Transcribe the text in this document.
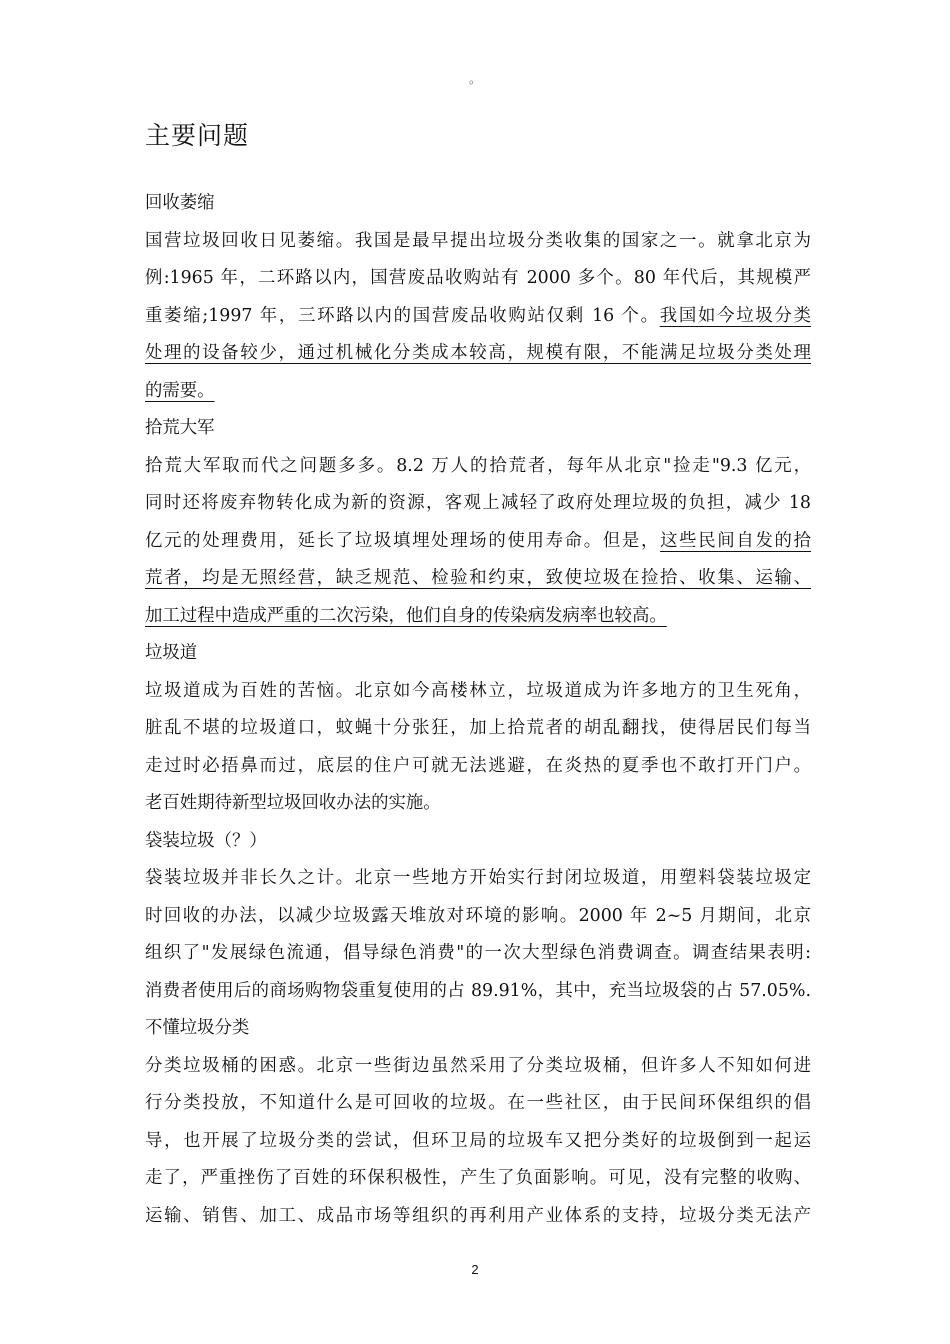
。
主要问题
回收萎缩
国营垃圾回收日见萎缩。我国是最早提出垃圾分类收集的国家之一。就拿北京为
例:1965 年，二环路以内，国营废品收购站有 2000 多个。80 年代后，其规模严
重萎缩;1997 年，三环路以内的国营废品收购站仅剩 16 个。我国如今垃圾分类
处理的设备较少，通过机械化分类成本较高，规模有限，不能满足垃圾分类处理
的需要。
拾荒大军
拾荒大军取而代之问题多多。8.2 万人的拾荒者，每年从北京"捡走"9.3 亿元，
同时还将废弃物转化成为新的资源，客观上减轻了政府处理垃圾的负担，减少 18
亿元的处理费用，延长了垃圾填埋处理场的使用寿命。但是，这些民间自发的拾
荒者，均是无照经营，缺乏规范、检验和约束，致使垃圾在捡拾、收集、运输、
加工过程中造成严重的二次污染，他们自身的传染病发病率也较高。
垃圾道
垃圾道成为百姓的苦恼。北京如今高楼林立，垃圾道成为许多地方的卫生死角，
脏乱不堪的垃圾道口，蚊蝇十分张狂，加上拾荒者的胡乱翻找，使得居民们每当
走过时必捂鼻而过，底层的住户可就无法逃避，在炎热的夏季也不敢打开门户。
老百姓期待新型垃圾回收办法的实施。
袋装垃圾（？）
袋装垃圾并非长久之计。北京一些地方开始实行封闭垃圾道，用塑料袋装垃圾定
时回收的办法，以减少垃圾露天堆放对环境的影响。2000 年 2~5 月期间，北京
组织了"发展绿色流通，倡导绿色消费"的一次大型绿色消费调查。调查结果表明:
消费者使用后的商场购物袋重复使用的占 89.91%，其中，充当垃圾袋的占 57.05%.
不懂垃圾分类
分类垃圾桶的困惑。北京一些街边虽然采用了分类垃圾桶，但许多人不知如何进
行分类投放，不知道什么是可回收的垃圾。在一些社区，由于民间环保组织的倡
导，也开展了垃圾分类的尝试，但环卫局的垃圾车又把分类好的垃圾倒到一起运
走了，严重挫伤了百姓的环保积极性，产生了负面影响。可见，没有完整的收购、
运输、销售、加工、成品市场等组织的再利用产业体系的支持，垃圾分类无法产
2
